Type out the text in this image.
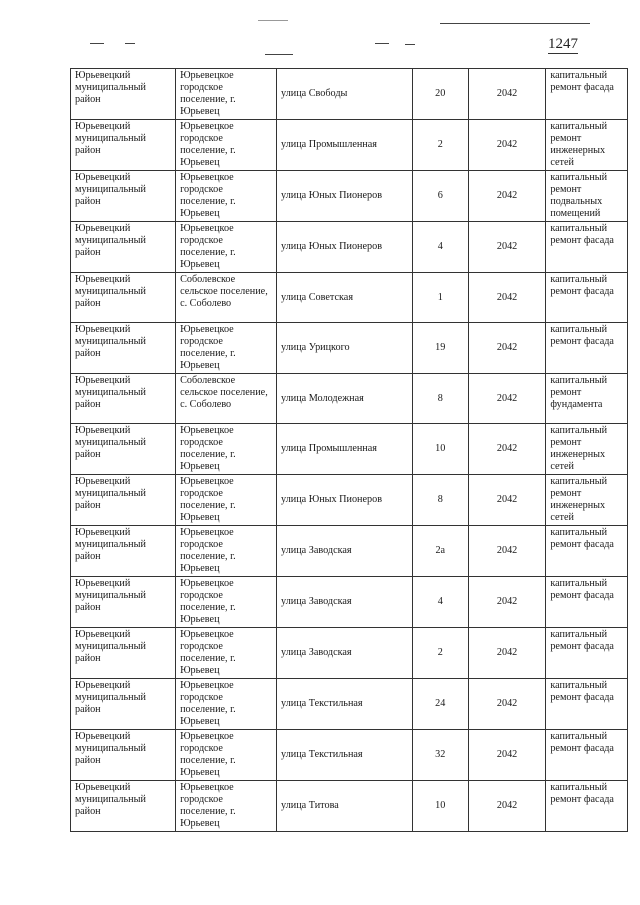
1247
Юрьевецкий муниципальный район	Юрьевецкое городское поселение, г. Юрьевец	улица Свободы	20	2042	капитальный ремонт фасада
Юрьевецкий муниципальный район	Юрьевецкое городское поселение, г. Юрьевец	улица Промышленная	2	2042	капитальный ремонт инженерных сетей
Юрьевецкий муниципальный район	Юрьевецкое городское поселение, г. Юрьевец	улица Юных Пионеров	6	2042	капитальный ремонт подвальных помещений
Юрьевецкий муниципальный район	Юрьевецкое городское поселение, г. Юрьевец	улица Юных Пионеров	4	2042	капитальный ремонт фасада
Юрьевецкий муниципальный район	Соболевское сельское поселение, с. Соболево	улица Советская	1	2042	капитальный ремонт фасада
Юрьевецкий муниципальный район	Юрьевецкое городское поселение, г. Юрьевец	улица Урицкого	19	2042	капитальный ремонт фасада
Юрьевецкий муниципальный район	Соболевское сельское поселение, с. Соболево	улица Молодежная	8	2042	капитальный ремонт фундамента
Юрьевецкий муниципальный район	Юрьевецкое городское поселение, г. Юрьевец	улица Промышленная	10	2042	капитальный ремонт инженерных сетей
Юрьевецкий муниципальный район	Юрьевецкое городское поселение, г. Юрьевец	улица Юных Пионеров	8	2042	капитальный ремонт инженерных сетей
Юрьевецкий муниципальный район	Юрьевецкое городское поселение, г. Юрьевец	улица Заводская	2а	2042	капитальный ремонт фасада
Юрьевецкий муниципальный район	Юрьевецкое городское поселение, г. Юрьевец	улица Заводская	4	2042	капитальный ремонт фасада
Юрьевецкий муниципальный район	Юрьевецкое городское поселение, г. Юрьевец	улица Заводская	2	2042	капитальный ремонт фасада
Юрьевецкий муниципальный район	Юрьевецкое городское поселение, г. Юрьевец	улица Текстильная	24	2042	капитальный ремонт фасада
Юрьевецкий муниципальный район	Юрьевецкое городское поселение, г. Юрьевец	улица Текстильная	32	2042	капитальный ремонт фасада
Юрьевецкий муниципальный район	Юрьевецкое городское поселение, г. Юрьевец	улица Титова	10	2042	капитальный ремонт фасада
